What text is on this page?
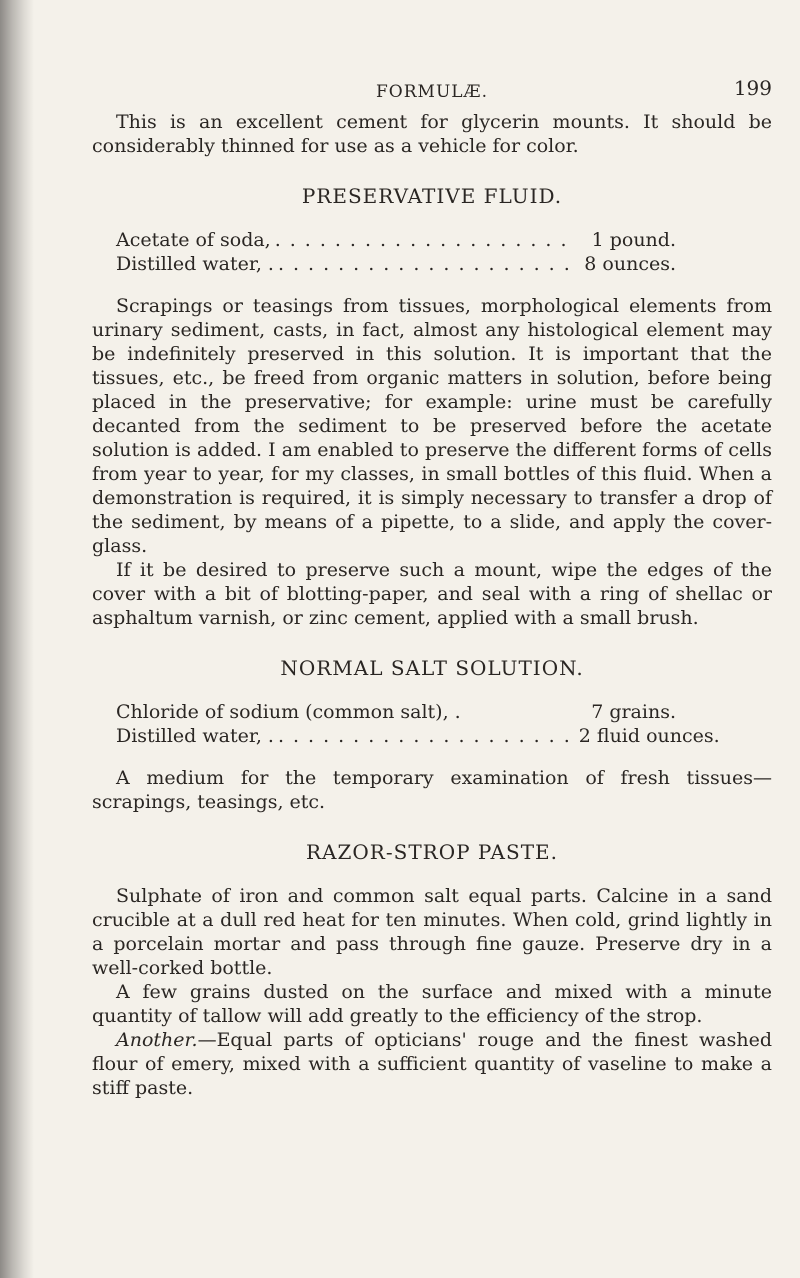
FORMULÆ.	199

This is an excellent cement for glycerin mounts. It should be considerably thinned for use as a vehicle for color.

PRESERVATIVE FLUID.
Acetate of soda, .................... 1 pound.
Distilled water, . .................... 8 ounces.

Scrapings or teasings from tissues, morphological elements from urinary sediment, casts, in fact, almost any histological element may be indefinitely preserved in this solution. It is important that the tissues, etc., be freed from organic matters in solution, before being placed in the preservative; for example: urine must be carefully decanted from the sediment to be preserved before the acetate solution is added. I am enabled to preserve the different forms of cells from year to year, for my classes, in small bottles of this fluid. When a demonstration is required, it is simply necessary to transfer a drop of the sediment, by means of a pipette, to a slide, and apply the cover-glass.

If it be desired to preserve such a mount, wipe the edges of the cover with a bit of blotting-paper, and seal with a ring of shellac or asphaltum varnish, or zinc cement, applied with a small brush.

NORMAL SALT SOLUTION.
Chloride of sodium (common salt), .	7 grains.
Distilled water, . .................... 2 fluid ounces.

A medium for the temporary examination of fresh tissues—scrapings, teasings, etc.

RAZOR-STROP PASTE.

Sulphate of iron and common salt equal parts. Calcine in a sand crucible at a dull red heat for ten minutes. When cold, grind lightly in a porcelain mortar and pass through fine gauze. Preserve dry in a well-corked bottle.

A few grains dusted on the surface and mixed with a minute quantity of tallow will add greatly to the efficiency of the strop.

Another.—Equal parts of opticians' rouge and the finest washed flour of emery, mixed with a sufficient quantity of vaseline to make a stiff paste.
